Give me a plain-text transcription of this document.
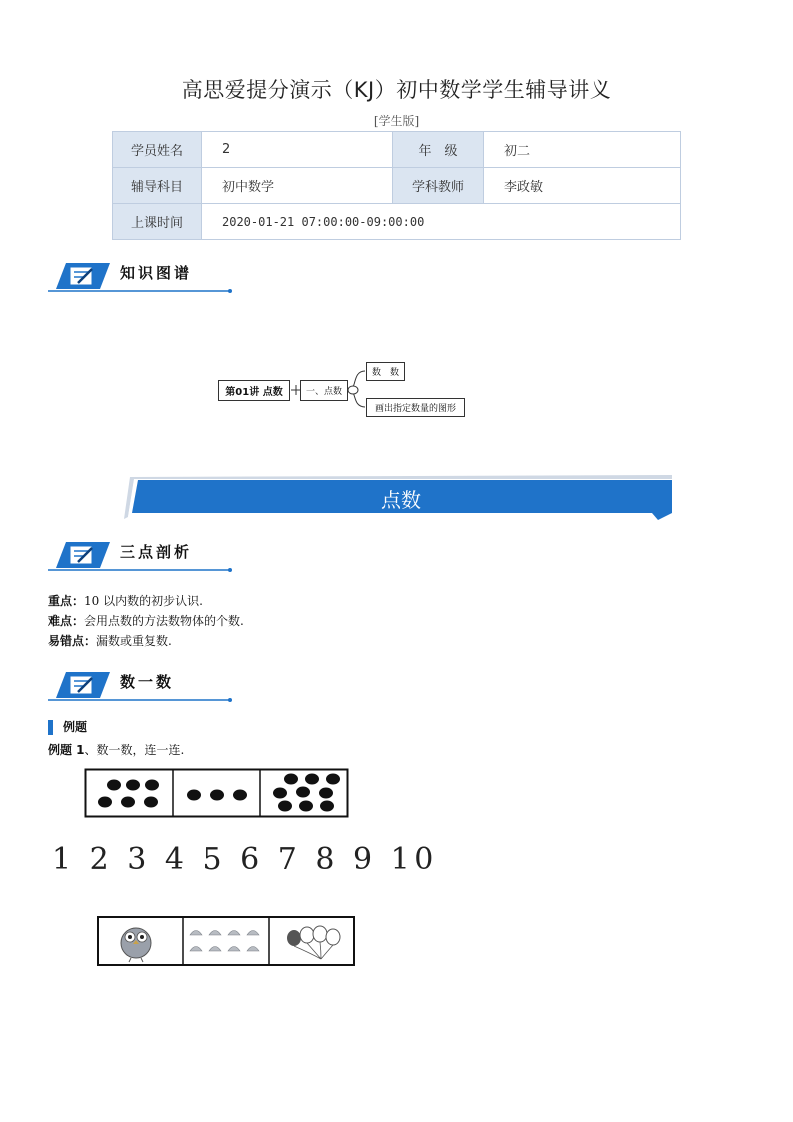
高思爱提分演示（KJ）初中数学学生辅导讲义
[学生版]
学员姓名	2	年　级	初二
辅导科目	初中数学	学科教师	李政敏
上课时间	2020-01-21 07:00:00-09:00:00		
知识图谱
第01讲 点数	一、点数
数　数
画出指定数量的图形
点数
三点剖析
重点：10 以内数的初步认识.
难点：会用点数的方法数物体的个数.
易错点：漏数或重复数.
数一数
例题
例题 1、数一数，连一连.
1 2 3 4 5 6 7 8 9 10
